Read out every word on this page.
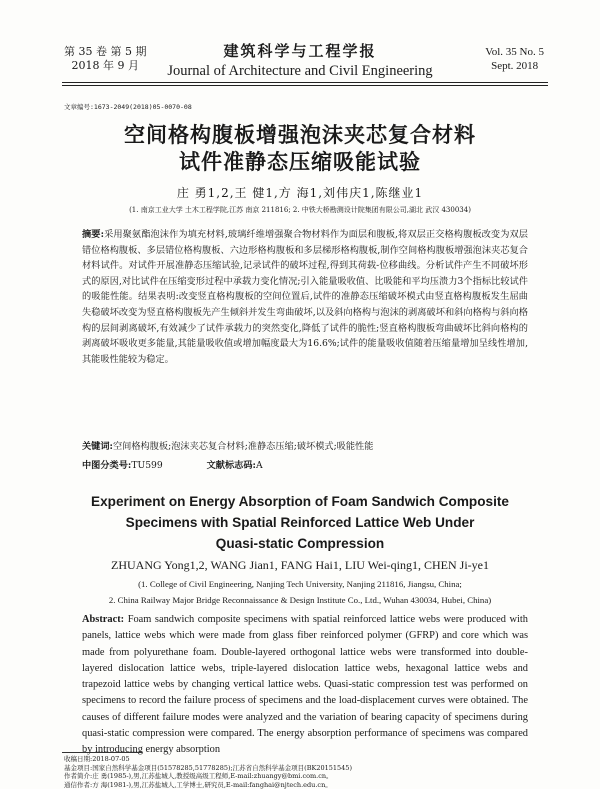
第 35 卷 第 5 期
2018 年 9 月
建筑科学与工程学报
Journal of Architecture and Civil Engineering
Vol. 35 No. 5
Sept. 2018
文章编号:1673-2049(2018)05-0070-08
空间格构腹板增强泡沫夹芯复合材料
试件准静态压缩吸能试验
庄 勇1,2,王 健1,方 海1,刘伟庆1,陈继业1
(1. 南京工业大学 土木工程学院,江苏 南京 211816; 2. 中铁大桥勘测设计院集团有限公司,湖北 武汉 430034)
摘要:采用聚氨酯泡沫作为填充材料,玻璃纤维增强聚合物材料作为面层和腹板,将双层正交格构腹板改变为双层错位格构腹板、多层错位格构腹板、六边形格构腹板和多层梯形格构腹板,制作空间格构腹板增强泡沫夹芯复合材料试件。对试件开展准静态压缩试验,记录试件的破坏过程,得到其荷载-位移曲线。分析试件产生不同破坏形式的原因,对比试件在压缩变形过程中承载力变化情况;引入能量吸收值、比吸能和平均压溃力3个指标比较试件的吸能性能。结果表明:改变竖直格构腹板的空间位置后,试件的准静态压缩破坏模式由竖直格构腹板发生屈曲失稳破坏改变为竖直格构腹板先产生倾斜并发生弯曲破坏,以及斜向格构与泡沫的剥离破坏和斜向格构与斜向格构的层间剥离破坏,有效减少了试件承载力的突然变化,降低了试件的脆性;竖直格构腹板弯曲破坏比斜向格构的剥离破坏吸收更多能量,其能量吸收值或增加幅度最大为16.6%;试件的能量吸收值随着压缩量增加呈线性增加,其能吸性能较为稳定。
关键词:空间格构腹板;泡沫夹芯复合材料;准静态压缩;破坏模式;吸能性能
中图分类号:TU599	文献标志码:A
Experiment on Energy Absorption of Foam Sandwich Composite
Specimens with Spatial Reinforced Lattice Web Under
Quasi-static Compression
ZHUANG Yong1,2, WANG Jian1, FANG Hai1, LIU Wei-qing1, CHEN Ji-ye1
(1. College of Civil Engineering, Nanjing Tech University, Nanjing 211816, Jiangsu, China;
2. China Railway Major Bridge Reconnaissance & Design Institute Co., Ltd., Wuhan 430034, Hubei, China)
Abstract: Foam sandwich composite specimens with spatial reinforced lattice webs were produced with panels, lattice webs which were made from glass fiber reinforced polymer (GFRP) and core which was made from polyurethane foam. Double-layered orthogonal lattice webs were transformed into double-layered dislocation lattice webs, triple-layered dislocation lattice webs, hexagonal lattice webs and trapezoid lattice webs by changing vertical lattice webs. Quasi-static compression test was performed on specimens to record the failure process of specimens and the load-displacement curves were obtained. The causes of different failure modes were analyzed and the variation of bearing capacity of specimens during quasi-static compression were compared. The energy absorption performance of specimens was compared by introducing energy absorption
收稿日期:2018-07-05
基金项目:国家自然科学基金项目(51578285,51778285);江苏省自然科学基金项目(BK20151545)
作者简介:庄 勇(1985-),男,江苏盐城人,教授级高级工程师,E-mail:zhuangy@bmi.com.cn。
通信作者:方 海(1981-),男,江苏盐城人,工学博士,研究员,E-mail:fanghai@njtech.edu.cn。
